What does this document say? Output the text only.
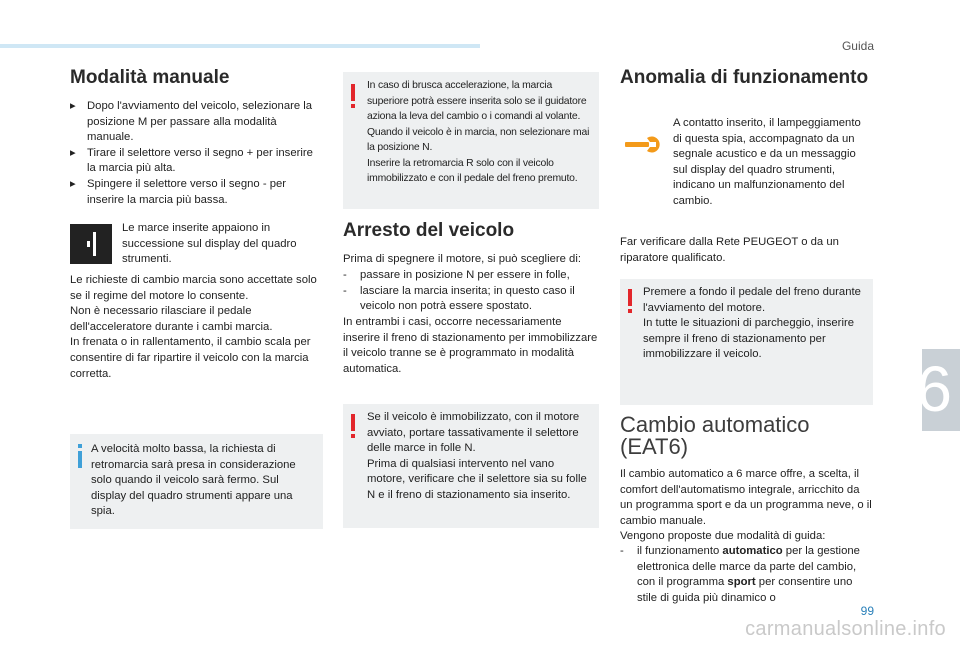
Guida
6
99
carmanualsonline.info
Modalità manuale
▸ Dopo l'avviamento del veicolo, selezionare la posizione M per passare alla modalità manuale.
▸ Tirare il selettore verso il segno + per inserire la marcia più alta.
▸ Spingere il selettore verso il segno - per inserire la marcia più bassa.
Le marce inserite appaiono in successione sul display del quadro strumenti.
Le richieste di cambio marcia sono accettate solo se il regime del motore lo consente.
Non è necessario rilasciare il pedale dell'acceleratore durante i cambi marcia.
In frenata o in rallentamento, il cambio scala per consentire di far ripartire il veicolo con la marcia corretta.
A velocità molto bassa, la richiesta di retromarcia sarà presa in considerazione solo quando il veicolo sarà fermo. Sul display del quadro strumenti appare una spia.
In caso di brusca accelerazione, la marcia superiore potrà essere inserita solo se il guidatore aziona la leva del cambio o i comandi al volante.
Quando il veicolo è in marcia, non selezionare mai la posizione N.
Inserire la retromarcia R solo con il veicolo immobilizzato e con il pedale del freno premuto.
Arresto del veicolo
Prima di spegnere il motore, si può scegliere di:
- passare in posizione N per essere in folle,
- lasciare la marcia inserita; in questo caso il veicolo non potrà essere spostato.
In entrambi i casi, occorre necessariamente inserire il freno di stazionamento per immobilizzare il veicolo tranne se è programmato in modalità automatica.
Se il veicolo è immobilizzato, con il motore avviato, portare tassativamente il selettore delle marce in folle N.
Prima di qualsiasi intervento nel vano motore, verificare che il selettore sia su folle N e il freno di stazionamento sia inserito.
Anomalia di funzionamento
A contatto inserito, il lampeggiamento di questa spia, accompagnato da un segnale acustico e da un messaggio sul display del quadro strumenti, indicano un malfunzionamento del cambio.
Far verificare dalla Rete PEUGEOT o da un riparatore qualificato.
Premere a fondo il pedale del freno durante l'avviamento del motore.
In tutte le situazioni di parcheggio, inserire sempre il freno di stazionamento per immobilizzare il veicolo.
Cambio automatico
(EAT6)
Il cambio automatico a 6 marce offre, a scelta, il comfort dell'automatismo integrale, arricchito da un programma sport e da un programma neve, o il cambio manuale.
Vengono proposte due modalità di guida:
- il funzionamento automatico per la gestione elettronica delle marce da parte del cambio, con il programma sport per consentire uno stile di guida più dinamico o
